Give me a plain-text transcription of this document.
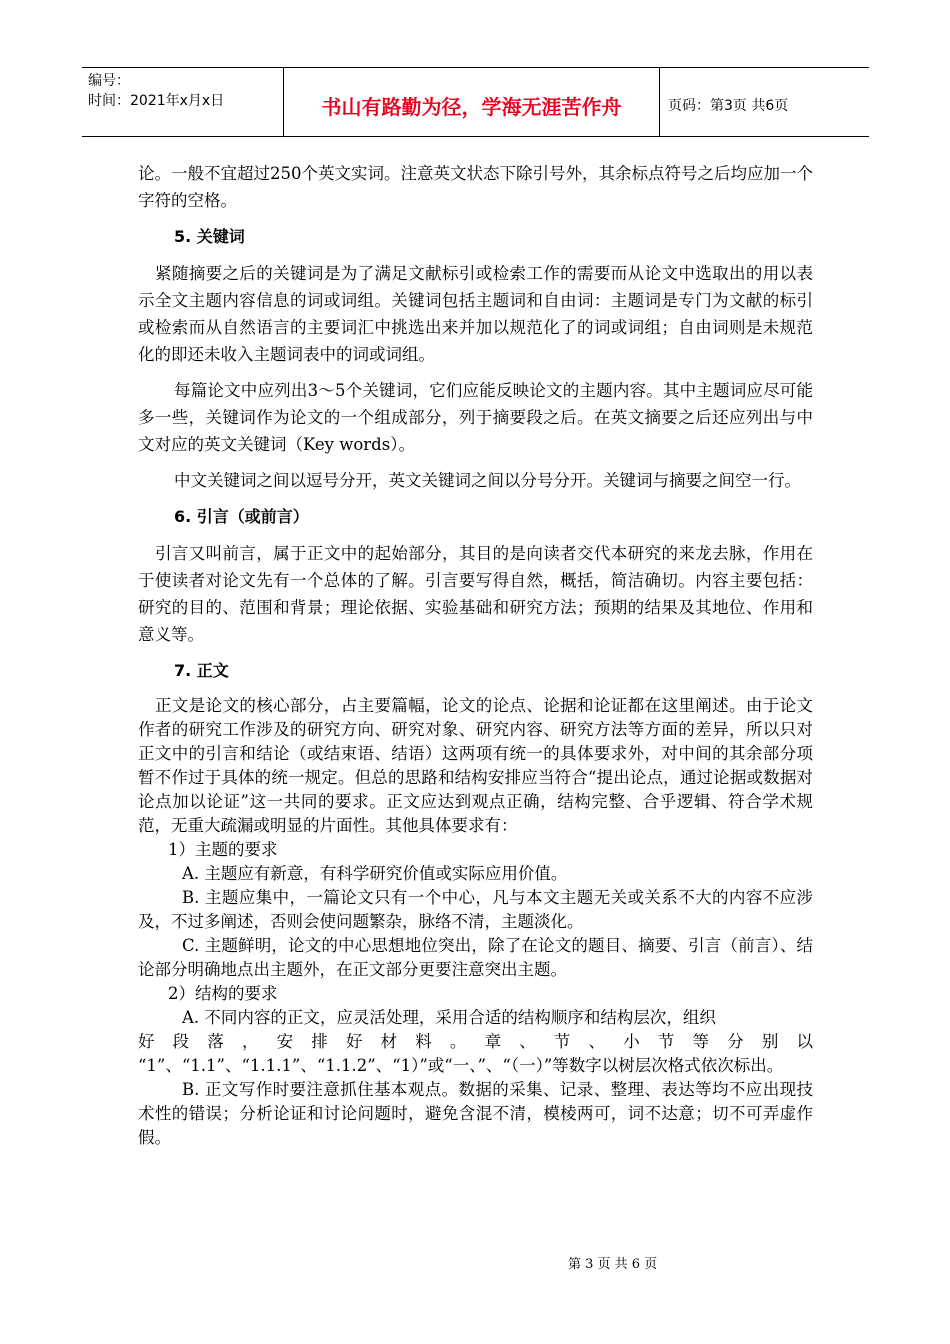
编号：
时间：2021年x月x日	书山有路勤为径，学海无涯苦作舟	页码：第3页 共6页

论。一般不宜超过250个英文实词。注意英文状态下除引号外，其余标点符号之后均应加一个字符的空格。

5. 关键词

紧随摘要之后的关键词是为了满足文献标引或检索工作的需要而从论文中选取出的用以表示全文主题内容信息的词或词组。关键词包括主题词和自由词：主题词是专门为文献的标引或检索而从自然语言的主要词汇中挑选出来并加以规范化了的词或词组；自由词则是未规范化的即还未收入主题词表中的词或词组。

每篇论文中应列出3～5个关键词，它们应能反映论文的主题内容。其中主题词应尽可能多一些，关键词作为论文的一个组成部分，列于摘要段之后。在英文摘要之后还应列出与中文对应的英文关键词（Key words）。

中文关键词之间以逗号分开，英文关键词之间以分号分开。关键词与摘要之间空一行。

6. 引言（或前言）

引言又叫前言，属于正文中的起始部分，其目的是向读者交代本研究的来龙去脉，作用在于使读者对论文先有一个总体的了解。引言要写得自然，概括，简洁确切。内容主要包括：研究的目的、范围和背景；理论依据、实验基础和研究方法；预期的结果及其地位、作用和意义等。

7. 正文

正文是论文的核心部分，占主要篇幅，论文的论点、论据和论证都在这里阐述。由于论文作者的研究工作涉及的研究方向、研究对象、研究内容、研究方法等方面的差异，所以只对正文中的引言和结论（或结束语、结语）这两项有统一的具体要求外，对中间的其余部分项暂不作过于具体的统一规定。但总的思路和结构安排应当符合“提出论点，通过论据或数据对论点加以论证”这一共同的要求。正文应达到观点正确，结构完整、合乎逻辑、符合学术规范，无重大疏漏或明显的片面性。其他具体要求有：

1）主题的要求

A. 主题应有新意，有科学研究价值或实际应用价值。

B. 主题应集中，一篇论文只有一个中心，凡与本文主题无关或关系不大的内容不应涉及，不过多阐述，否则会使问题繁杂，脉络不清，主题淡化。

C. 主题鲜明，论文的中心思想地位突出，除了在论文的题目、摘要、引言（前言）、结论部分明确地点出主题外，在正文部分更要注意突出主题。

2）结构的要求

A. 不同内容的正文，应灵活处理，采用合适的结构顺序和结构层次，组织

好段落，安排好材料。章、节、小节等分别以

“1”、“1.1”、“1.1.1”、“1.1.2”、“1）”或“一、”、“（一）”等数字以树层次格式依次标出。

B. 正文写作时要注意抓住基本观点。数据的采集、记录、整理、表达等均不应出现技术性的错误；分析论证和讨论问题时，避免含混不清，模棱两可，词不达意；切不可弄虚作假。

第 3 页 共 6 页
